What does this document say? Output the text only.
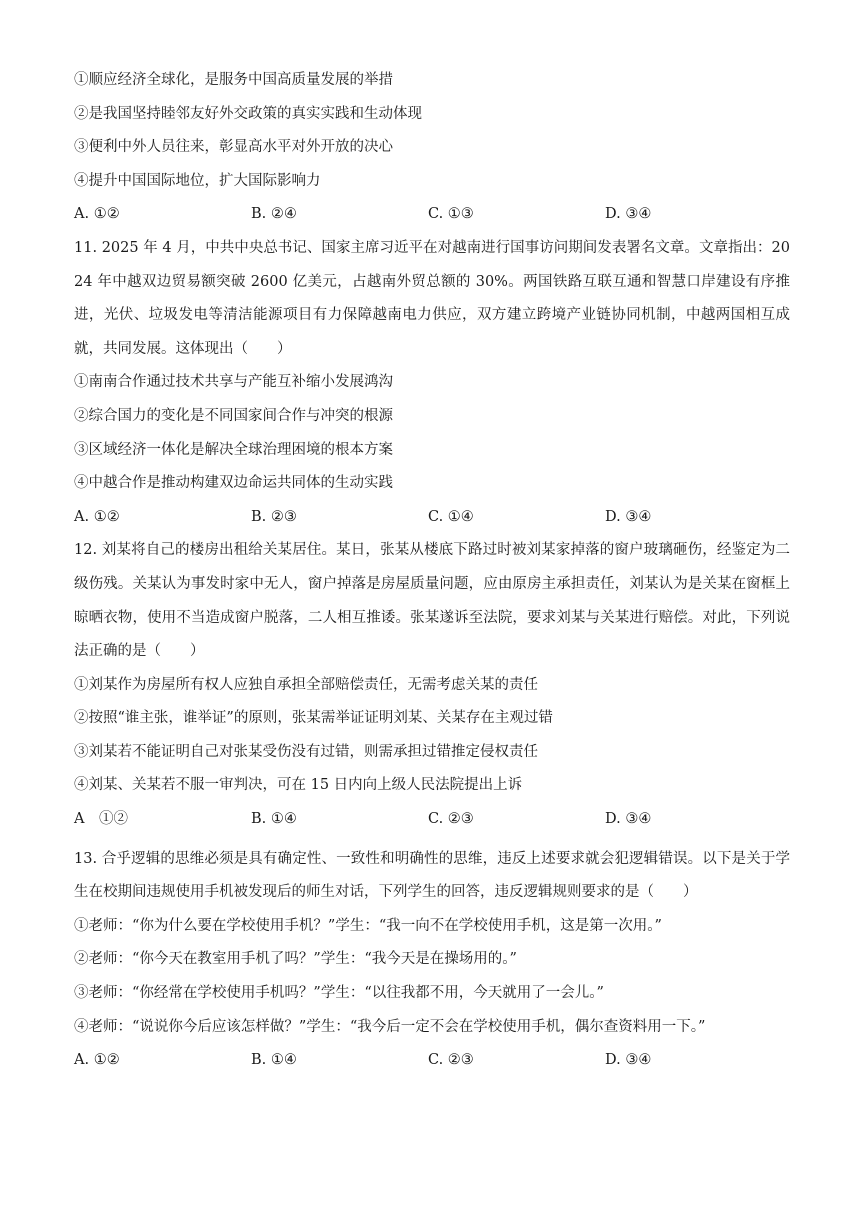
①顺应经济全球化，是服务中国高质量发展的举措
②是我国坚持睦邻友好外交政策的真实实践和生动体现
③便利中外人员往来，彰显高水平对外开放的决心
④提升中国国际地位，扩大国际影响力
A. ①②	B. ②④	C. ①③	D. ③④
11. 2025 年 4 月，中共中央总书记、国家主席习近平在对越南进行国事访问期间发表署名文章。文章指出：2024 年中越双边贸易额突破 2600 亿美元，占越南外贸总额的 30%。两国铁路互联互通和智慧口岸建设有序推进，光伏、垃圾发电等清洁能源项目有力保障越南电力供应，双方建立跨境产业链协同机制，中越两国相互成就，共同发展。这体现出（　　）
①南南合作通过技术共享与产能互补缩小发展鸿沟
②综合国力的变化是不同国家间合作与冲突的根源
③区域经济一体化是解决全球治理困境的根本方案
④中越合作是推动构建双边命运共同体的生动实践
A. ①②	B. ②③	C. ①④	D. ③④
12. 刘某将自己的楼房出租给关某居住。某日，张某从楼底下路过时被刘某家掉落的窗户玻璃砸伤，经鉴定为二级伤残。关某认为事发时家中无人，窗户掉落是房屋质量问题，应由原房主承担责任，刘某认为是关某在窗框上晾晒衣物，使用不当造成窗户脱落，二人相互推诿。张某遂诉至法院，要求刘某与关某进行赔偿。对此，下列说法正确的是（　　）
①刘某作为房屋所有权人应独自承担全部赔偿责任，无需考虑关某的责任
②按照“谁主张，谁举证”的原则，张某需举证证明刘某、关某存在主观过错
③刘某若不能证明自己对张某受伤没有过错，则需承担过错推定侵权责任
④刘某、关某若不服一审判决，可在 15 日内向上级人民法院提出上诉
A　①②	B. ①④	C. ②③	D. ③④
13. 合乎逻辑的思维必须是具有确定性、一致性和明确性的思维，违反上述要求就会犯逻辑错误。以下是关于学生在校期间违规使用手机被发现后的师生对话，下列学生的回答，违反逻辑规则要求的是（　　）
①老师：“你为什么要在学校使用手机？”学生：“我一向不在学校使用手机，这是第一次用。”
②老师：“你今天在教室用手机了吗？”学生：“我今天是在操场用的。”
③老师：“你经常在学校使用手机吗？”学生：“以往我都不用，今天就用了一会儿。”
④老师：“说说你今后应该怎样做？”学生：“我今后一定不会在学校使用手机，偶尔查资料用一下。”
A. ①②	B. ①④	C. ②③	D. ③④
